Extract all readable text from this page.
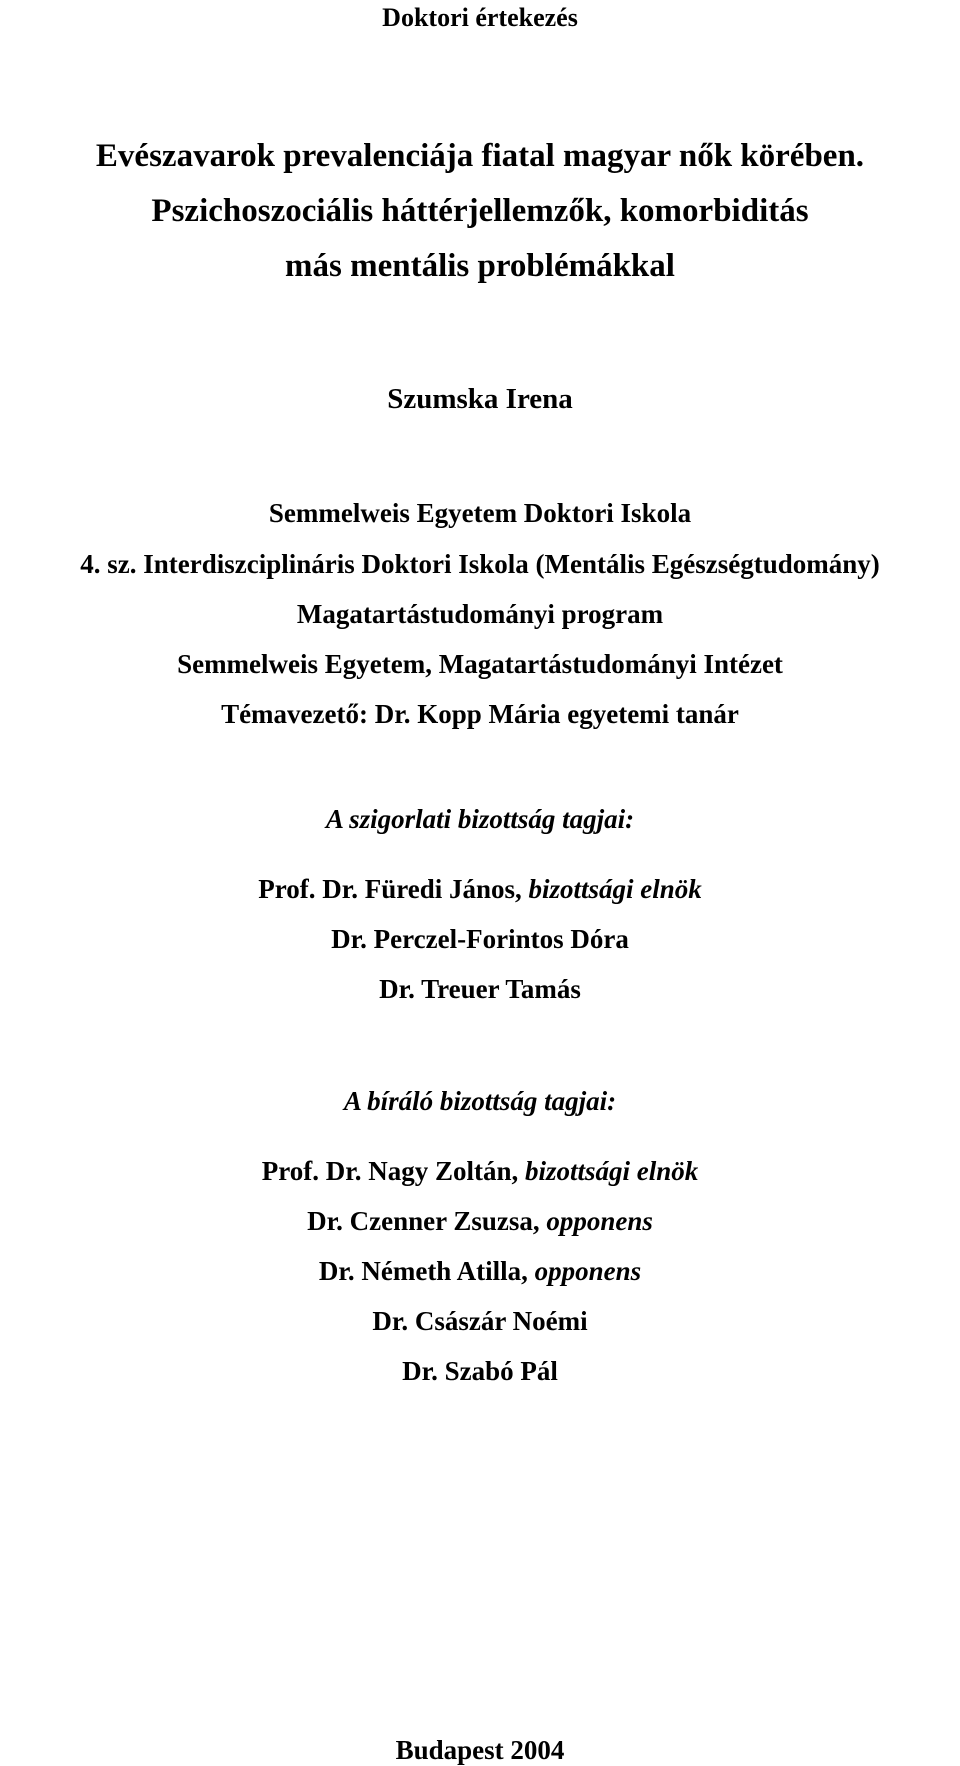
Doktori értekezés
Evészavarok prevalenciája fiatal magyar nők körében.
Pszichoszociális háttérjellemzők, komorbiditás
más mentális problémákkal
Szumska Irena
Semmelweis Egyetem Doktori Iskola
4. sz. Interdiszciplináris Doktori Iskola (Mentális Egészségtudomány)
Magatartástudományi program
Semmelweis Egyetem, Magatartástudományi Intézet
Témavezető: Dr. Kopp Mária egyetemi tanár
A szigorlati bizottság tagjai:
Prof. Dr. Füredi János, bizottsági elnök
Dr. Perczel-Forintos Dóra
Dr. Treuer Tamás
A bíráló bizottság tagjai:
Prof. Dr. Nagy Zoltán, bizottsági elnök
Dr. Czenner Zsuzsa, opponens
Dr. Németh Atilla, opponens
Dr. Császár Noémi
Dr. Szabó Pál
Budapest 2004
